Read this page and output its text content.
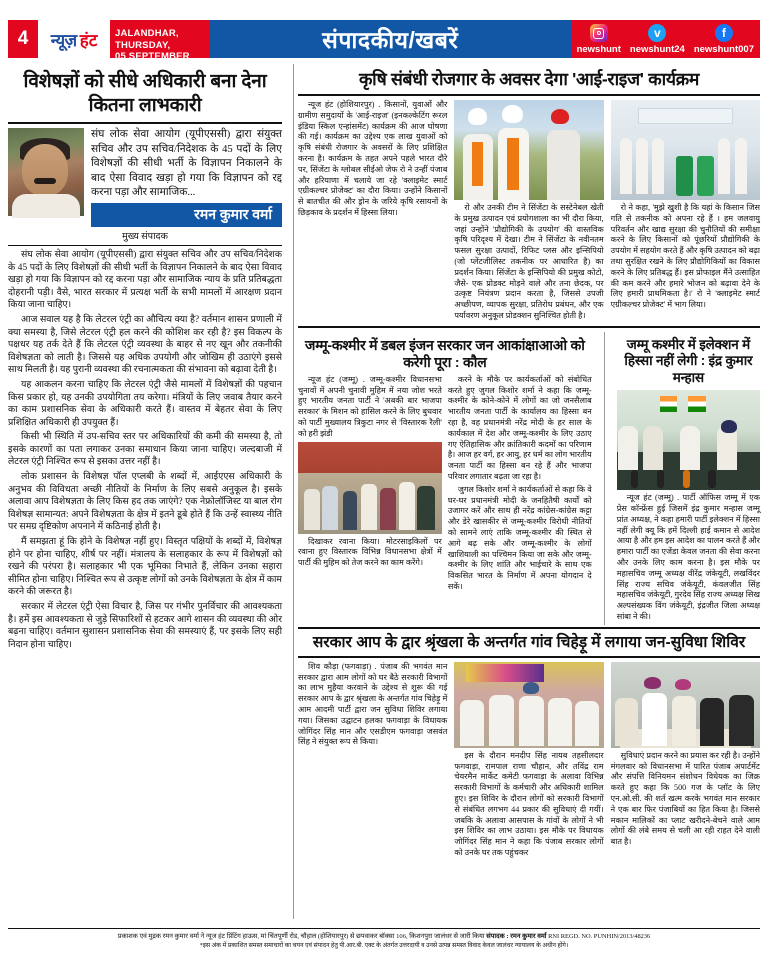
4	न्यूज़ हंट JALANDHAR, THURSDAY,
05 SEPTEMBER 2024
संपादकीय/खबरें	newshunt
ᴠ
newshunt24
f
newshunt007
विशेषज्ञों को सीधे अधिकारी बना देना कितना लाभकारी

संघ लोक सेवा आयोग (यूपीएससी) द्वारा संयुक्त सचिव और उप सचिव/निदेशक के 45 पदों के लिए विशेषज्ञों की सीधी भर्ती के विज्ञापन निकालने के बाद ऐसा विवाद खड़ा हो गया कि विज्ञापन को रद्द करना पड़ा और सामाजिक...

रमन कुमार वर्मा
मुख्य संपादक

संघ लोक सेवा आयोग (यूपीएससी) द्वारा संयुक्त सचिव और उप सचिव/निदेशक के 45 पदों के लिए विशेषज्ञों की सीधी भर्ती के विज्ञापन निकालने के बाद ऐसा विवाद खड़ा हो गया कि विज्ञापन को रद्द करना पड़ा और सामाजिक न्याय के प्रति प्रतिबद्धता दोहरानी पड़ी। वैसे, भारत सरकार में प्रत्यक्ष भर्ती के सभी मामलों में आरक्षण प्रदान किया जाना चाहिए।

आज सवाल यह है कि लेटरल एंट्री का औचित्य क्या है? वर्तमान शासन प्रणाली में क्या समस्या है, जिसे लेटरल एंट्री हल करने की कोशिश कर रही है? इस विकल्प के पक्षधर यह तर्क देते हैं कि लेटरल एंट्री व्यवस्था के बाहर से नए खून और तकनीकी विशेषज्ञता को लाती है। जिससे यह अधिक उपयोगी और जोखिम ही उठाएंगे इससे साथ मिलती है। यह पुरानी व्यवस्था की रचनात्मकता की संभावना को बढ़ावा देती है।

यह आकलन करना चाहिए कि लेटरल एंट्री जैसे मामलों में विशेषज्ञों की पहचान किस प्रकार हो, यह उनकी उपयोगिता तय करेगा। मंत्रियों के लिए जवाब तैयार करने का काम प्रशासनिक सेवा के अधिकारी करते हैं। वास्तव में बेहतर सेवा के लिए प्रशिक्षित अधिकारी ही उपयुक्त हैं।

किसी भी स्थिति में उप-सचिव स्तर पर अधिकारियों की कमी की समस्या है, तो इसके कारणों का पता लगाकर उनका समाधान किया जाना चाहिए। जल्दबाजी में लेटरल एंट्री निश्चित रूप से इसका उत्तर नहीं है।

लोक प्रशासन के विशेषज्ञ पॉल एप्लबी के शब्दों में, आईएएस अधिकारी के अनुभव की विविधता अच्छी नीतियों के निर्माण के लिए सबसे अनुकूल है। इसके अलावा आप विशेषज्ञता के लिए किस हद तक जाएंगे? एक नेफ्रोलॉजिस्ट या बाल रोग विशेषज्ञ सामान्यत: अपने विशेषज्ञता के क्षेत्र में इतने डूबे होते हैं कि उन्हें स्वास्थ्य नीति पर समग्र दृष्टिकोण अपनाने में कठिनाई होती है।

मैं समझता हूं कि होने के विशेषज्ञ नहीं हुए। विस्तृत पक्षियों के शब्दों में, विशेषज्ञ होने पर होना चाहिए, शीर्ष पर नहीं। मंत्रालय के सलाहकार के रूप में विशेषज्ञों को रखने की परंपरा है। सलाहकार भी एक भूमिका निभाते हैं, लेकिन उनका सहारा सीमित होना चाहिए। निश्चित रूप से उत्कृष्ट लोगों को उनके विशेषज्ञता के क्षेत्र में काम करने की जरूरत है।

सरकार में लेटरल एंट्री ऐसा विचार है, जिस पर गंभीर पुनर्विचार की आवश्यकता है। हमें इस आवश्यकता से जुड़े सिफारिशों से हटकर आगे शासन की व्यवस्था की ओर बढ़ना चाहिए। वर्तमान सुशासन प्रशासनिक सेवा की समस्याएं हैं, पर इसके लिए सही निदान होना चाहिए।

कृषि संबंधी रोजगार के अवसर देगा 'आई-राइज' कार्यक्रम

न्यूज हंट (होशियारपुर) . किसानों, युवाओं और ग्रामीण समुदायों के 'आई-राइज' (इनकल्केटिंग रूरल इंडिया स्किल एन्हांसमेंट) कार्यक्रम की आज घोषणा की गई। कार्यक्रम का उद्देश्य एक लाख युवाओं को कृषि संबंधी रोजगार के अवसरों के लिए प्रशिक्षित करना है। कार्यक्रम के तहत अपने पहले भारत दौरे पर, सिंजेंटा के ग्लोबल सीईओ जेफ रो ने उन्हीं पंजाब और हरियाणा में चलाये जा रहे 'क्लाइमेट स्मार्ट एग्रीकल्चर प्रोजेक्ट' का दौरा किया। उन्होंने किसानों से बातचीत की और ड्रोन के जरिये कृषि रसायनों के छिड़काव के प्रदर्शन में हिस्सा लिया।

रो और उनकी टीम ने सिंजेंटा के सस्टेनेबल खेती के प्रमुख उत्पादन एवं प्रयोगशाला का भी दौरा किया, जहां उन्होंने 'प्रौद्योगिकी के उपयोग' की वास्तविक कृषि परिदृश्य में देखा। टीम ने सिंजेंटा के नवीनतम फसल सुरक्षा उत्पादों, रिफिट प्लस और इन्सिपियो (जो प्लेंटजीलिस्ट तकनीक पर आधारित है) का प्रदर्शन किया। सिंजेंटा के इन्सिपियो की प्रमुख कोटो, जैसे- एक प्रोडक्ट मोड़ने वाले और तना छेदक, पर उत्कृष्ट नियंत्रण प्रदान करता है, जिससे उपजी अच्छीपण, व्यापक सुरक्षा, प्रतिरोध प्रबंधन, और एक पर्यावरण अनुकूल प्रोडक्शन सुनिश्चित होती है।

रो ने कहा, 'मुझे खुशी है कि यहां के किसान जिस गति से तकनीक को अपना रहे हैं । हम जलवायु परिवर्तन और खाद्य सुरक्षा की चुनौतियों की समीक्षा करने के लिए किसानों को पूंछरियों प्रौद्योगिकी के उपयोग में सहयोग करते हैं और कृषि उत्पादन को बढ़ा तथा सुरक्षित रखने के लिए प्रौद्योगिकियों का विकास करने के लिए प्रतिबद्ध हैं। इस प्रोफाइल मैंने उत्साहित की कम करने और हमारे भोजन को बढ़ावा देने के लिए हमारी प्राथमिकता है।' रो ने 'क्लाइमेट स्मार्ट एग्रीकल्चर प्रोजेक्ट' में भाग लिया।

जम्मू-कश्मीर में डबल इंजन सरकार जन आकांक्षाआओ को करेगी पूरा : कौल

न्यूज हंट (जम्मू) . जम्मू-कश्मीर विधानसभा चुनावों में अपनी चुनावी मुहिम में नया जोश भरते हुए भारतीय जनता पार्टी ने 'अबकी बार भाजपा सरकार' के मिशन को हासिल करने के लिए बुधवार को पार्टी मुख्यालय त्रिकुटा नगर से 'विस्तारक रैली' को हरी झंडी

दिखाकर रवाना किया। मोटरसाइकिलों पर रवाना हुए विस्तारक विभिन्न विधानसभा क्षेत्रों में पार्टी की मुहिम को तेज करने का काम करेंगे।

करने के मौके पर कार्यकर्ताओं को संबोधित करते हुए जुगल किशोर शर्मा ने कहा कि जम्मू-कश्मीर के कोने-कोने में लोगों का जो जनसैलाब भारतीय जनता पार्टी के कार्यालय का हिस्सा बन रहा है, वह प्रधानमंत्री नरेंद्र मोदी के हर साल के कार्यकाल में देश और जम्मू-कश्मीर के लिए उठाए गए ऐतिहासिक और क्रांतिकारी कदमों का परिणाम है। आज हर वर्ग, हर आयु, हर धर्म का लोग भारतीय जनता पार्टी का हिस्सा बन रहे हैं और भाजपा परिवार लगातार बढ़ता जा रहा है।

जुगल किशोर शर्मा ने कार्यकर्ताओं से कहा कि वे घर-घर प्रधानमंत्री मोदी के जनहितैषी कार्यों को उजागर करें और साथ ही नरेंद्र कांग्रेस-कांग्रेस कट्टा और डेरे खासकीर से जम्मू-कश्मीर विरोधी नीतियों को सामने लाएं ताकि जम्मू-कश्मीर की स्थित से आगे बढ़ सके और जम्मू-कश्मीर के लोगों खाशियाली का पश्चिमन किया जा सके और जम्मू-कश्मीर के लिए शांति और भाईचारे के साथ एक विकसित भारत के निर्माण में अपना योगदान दे सकें।

जम्मू कश्मीर में इलेक्शन में हिस्सा नहीं लेगी : इंद्र कुमार मन्हास

न्यूज हंट (जम्मू) . पार्टी ऑफिस जम्मू में एक प्रेस कॉन्फ्रेंस हुई जिसमें इंद्र कुमार मन्हास जम्मू प्रांत अध्यक्ष, ने कहा हमारी पार्टी इलेक्शन में हिस्सा नहीं लेगी क्यू कि हमें दिल्ली हाई कमान से आदेश आया है और हम इस आदेश का पालन करते हैं और हमारा पार्टी का एजेंडा केवल जनता की सेवा करना और उनके लिए काम करना है। इस मौके पर महासचिव जम्मू अध्यक्ष वीरेंद्र जंकेयूटी, लखविंदर सिंह राज्य सचिव जंकेयूटी, कंवलजीत सिंह महासचिव जंकेयूटी, गुरदेव सिंह राज्य अध्यक्ष सिख अल्पसंख्यक विंग जंकेयूटी, इंद्रजीत जिला अध्यक्ष सांबा ने की।

सरकार आप के द्वार श्रृंखला के अन्तर्गत गांव चिहेड़ू में लगाया जन-सुविधा शिविर

शिव कौड़ा (फगवाड़ा) . पंजाब की भगवंत मान सरकार द्वारा आम लोगों को घर बैठे सरकारी विभागों का लाभ मुहैया करवाने के उद्देश्य से शुरू की गई सरकार आप के द्वार श्रृंखला के अन्तर्गत गांव चिहेड़ू में आम आदमी पार्टी द्वारा जन सुविधा शिविर लगाया गया। जिसका उद्घाटन हलका फगवाड़ा के विधायक जोगिंदर सिंह मान और एसडीएम फगवाड़ा जसवंत सिंह ने संयुक्त रूप से किया।

इस के दौरान मनदीप सिंह नायब तहसीलदार फगवाड़ा, रामपाल राणा चौहान, और तविंद्र राम चेयरमैन मार्केट कमेटी फगवाड़ा के अलावा विभिन्न सरकारी विभागों के कर्मचारी और अधिकारी शामिल हुए। इस शिविर के दौरान लोगों को सरकारी विभागों से संबंधित लगभग 44 प्रकार की सुविधाएं दी गयीं। जबकि के अलावा आसपास के गांवों के लोगों ने भी इस शिविर का लाभ उठाया। इस मौके पर विधायक जोगिंदर सिंह मान ने कहा कि पंजाब सरकार लोगों को उनके घर तक पहुंचकर

सुविधाएं प्रदान करने का प्रयास कर रही है। उन्होंने मंगलवार को विधानसभा में पारित पंजाब अपार्टमेंट और संपत्ति विनियमन संशोधन विधेयक का जिक्र करते हुए कहा कि 500 गज के प्लॉट के लिए एन.ओ.सी. की शर्त खत्म करके भगवंत मान सरकार ने एक बार फिर पंजाबियों का हित किया है। जिससे मकान मालिकों का प्लाट खरीदने-बेचने वाले आम लोगों की लंबे समय से चली आ रही राहत देने वाली बात है।

प्रकाशक एवं मुद्रक रमन कुमार वर्मा ने न्यूज हंट प्रिंटिंग हाऊस, मां चिंतपूर्णी रोड, चौहाल (होशियारपुर) से छपवाकर बॉक्सा 106, किशनपुरा जालंधर से जारी किया संपादक : रमन कुमार वर्मा RNI REGD. NO. PUNHIN/2013/48236
*इस अंक में प्रकाशित समस्त समाचारों का चयन एवं संपादन हेतु पी.आर.बी. एक्ट के अंतर्गत उत्तरदायी व उनसे उत्पन्न समस्त विवाद केवल जालंधर न्यायालय के अधीन होंगे।
